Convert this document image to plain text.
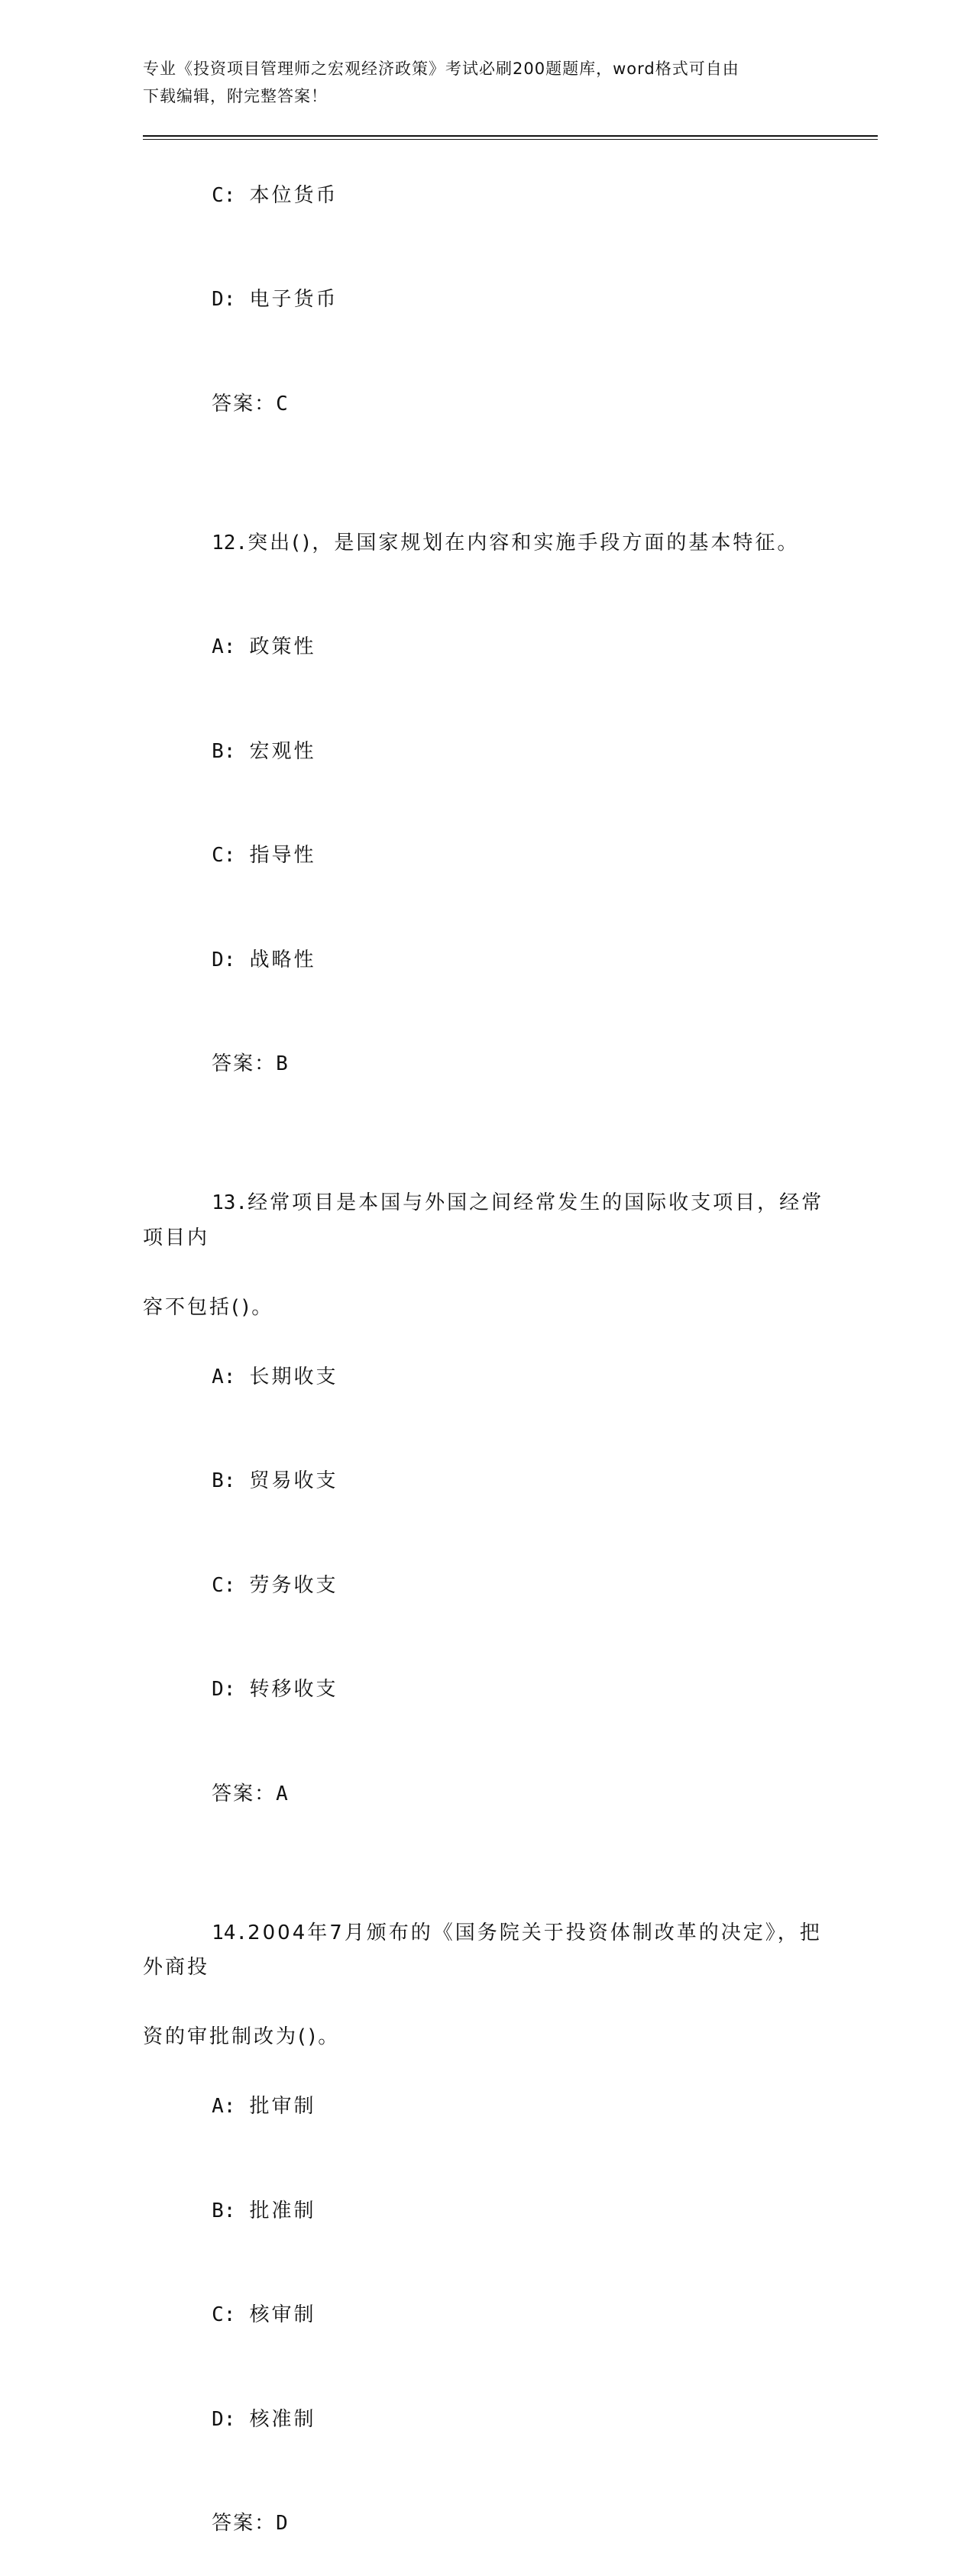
专业《投资项目管理师之宏观经济政策》考试必刷200题题库，word格式可自由
下载编辑，附完整答案！

C: 本位货币

D: 电子货币

答案：C

12.突出()，是国家规划在内容和实施手段方面的基本特征。

A: 政策性

B: 宏观性

C: 指导性

D: 战略性

答案：B

13.经常项目是本国与外国之间经常发生的国际收支项目，经常项目内

容不包括()。

A: 长期收支

B: 贸易收支

C: 劳务收支

D: 转移收支

答案：A

14.2004年7月颁布的《国务院关于投资体制改革的决定》，把外商投

资的审批制改为()。

A: 批审制

B: 批准制

C: 核审制

D: 核准制

答案：D
